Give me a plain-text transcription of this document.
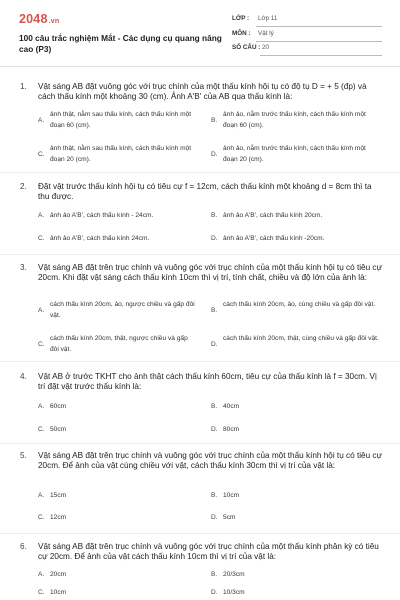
2048.vn
100 câu trắc nghiệm Mắt - Các dụng cụ quang nâng cao (P3)
LỚP : Lớp 11
MÔN : Vật lý
SỐ CÂU : 20
1. Vật sáng AB đặt vuông góc với trục chính của một thấu kính hội tụ có độ tụ D = + 5 (đp) và cách thấu kính một khoảng 30 (cm). Ảnh A'B' của AB qua thấu kính là:
A.
ảnh thật, nằm sau thấu kính, cách thấu kính một đoạn 60 (cm).
B.
ảnh ảo, nằm trước thấu kính, cách thấu kính một đoạn 60 (cm).
C.
ảnh thật, nằm sau thấu kính, cách thấu kính một đoạn 20 (cm).
D.
ảnh ảo, nằm trước thấu kính, cách thấu kính một đoạn 20 (cm).
2. Đặt vật trước thấu kính hội tụ có tiêu cự f = 12cm, cách thấu kính một khoảng d = 8cm thì ta thu được.
A. ảnh ảo A'B', cách thấu kính - 24cm.	B. ảnh ảo A'B', cách thấu kính 20cm.
C. ảnh ảo A'B', cách thấu kính 24cm.	D. ảnh ảo A'B', cách thấu kính -20cm.
3. Vật sáng AB đặt trên trục chính và vuông góc với trục chính của một thấu kính hội tụ có tiêu cự 20cm. Khi đặt vật sáng cách thấu kính 10cm thì vị trí, tính chất, chiều và độ lớn của ảnh là:
A.
cách thấu kính 20cm, ảo, ngược chiều và gấp đôi vật.
B.
cách thấu kính 20cm, ảo, cùng chiều và gấp đôi vật.
C.
cách thấu kính 20cm, thật, ngược chiều và gấp đôi vật.
D.
cách thấu kính 20cm, thật, cùng chiều và gấp đôi vật.
4. Vật AB ở trước TKHT cho ảnh thật cách thấu kính 60cm, tiêu cự của thấu kính là f = 30cm. Vị trí đặt vật trước thấu kính là:
A. 60cm	B. 40cm
C. 50cm	D. 80cm
5. Vật sáng AB đặt trên trục chính và vuông góc với trục chính của một thấu kính hội tụ có tiêu cự 20cm. Để ảnh của vật cùng chiều với vật, cách thấu kính 30cm thì vị trí của vật là:
A. 15cm	B. 10cm
C. 12cm	D. 5cm
6. Vật sáng AB đặt trên trục chính và vuông góc với trục chính của một thấu kính phân kỳ có tiêu cự 20cm. Để ảnh của vật cách thấu kính 10cm thì vị trí của vật là:
A. 20cm	B. 20/3cm
C. 10cm	D. 10/3cm
